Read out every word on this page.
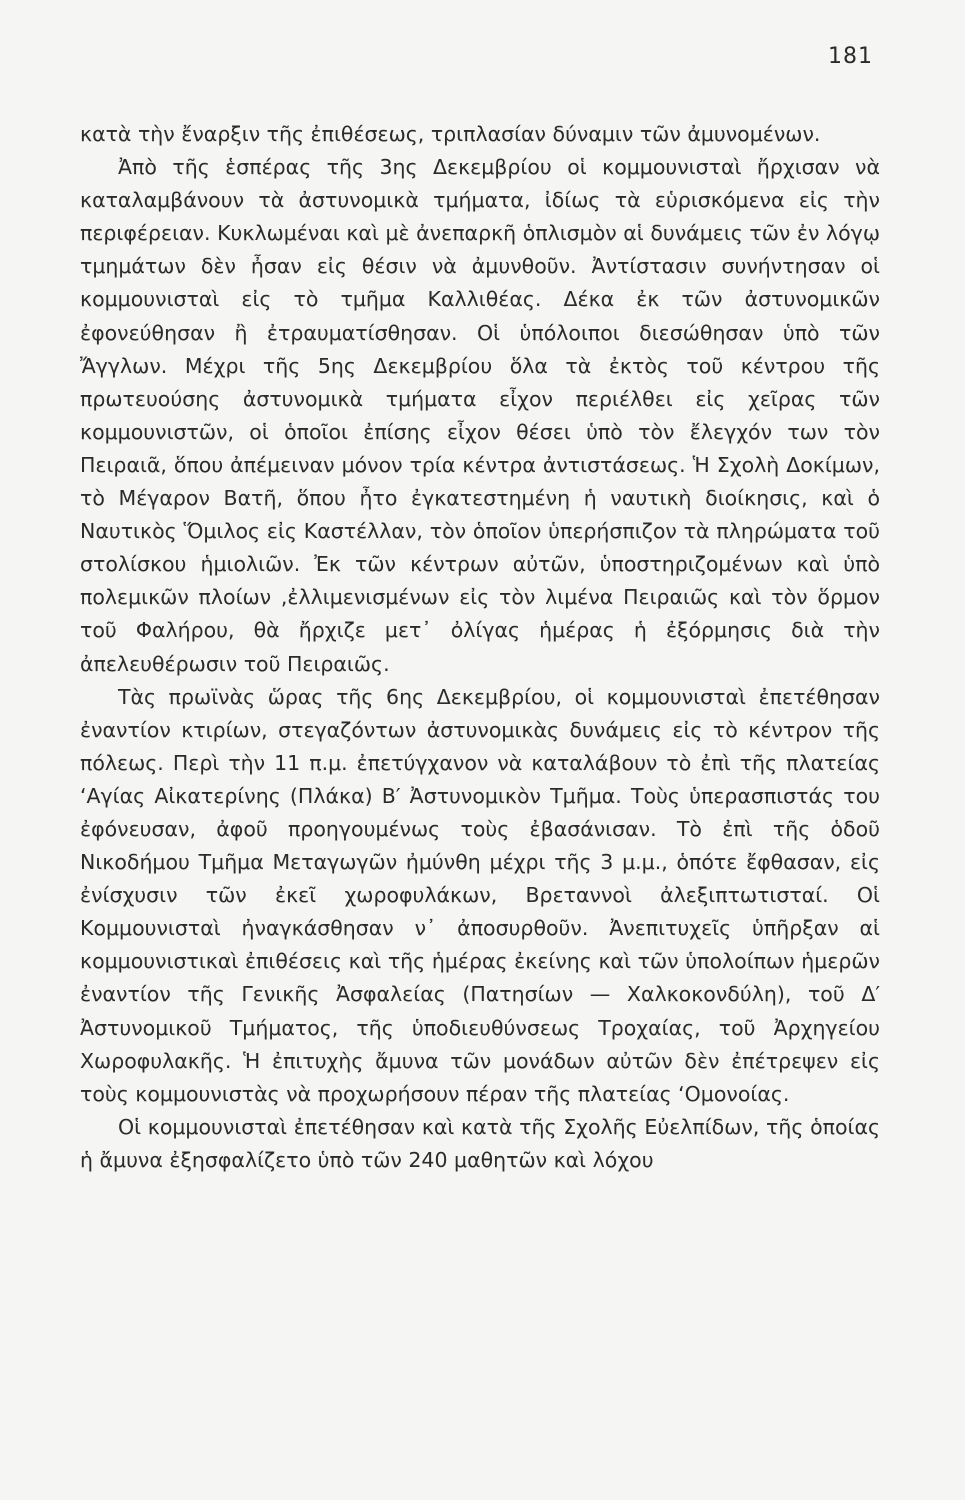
181

κατὰ τὴν ἔναρξιν τῆς ἐπιθέσεως, τριπλασίαν δύναμιν τῶν ἀμυνομένων.

Ἀπὸ τῆς ἑσπέρας τῆς 3ης Δεκεμβρίου οἱ κομμουνισταὶ ἤρχισαν νὰ καταλαμβάνουν τὰ ἀστυνομικὰ τμήματα, ἰδίως τὰ εὑρισκόμενα εἰς τὴν περιφέρειαν. Κυκλωμέναι καὶ μὲ ἀνεπαρκῆ ὁπλισμὸν αἱ δυνάμεις τῶν ἐν λόγῳ τμημάτων δὲν ἦσαν εἰς θέσιν νὰ ἀμυνθοῦν. Ἀντίστασιν συνήντησαν οἱ κομμουνισταὶ εἰς τὸ τμῆμα Καλλιθέας. Δέκα ἐκ τῶν ἀστυνομικῶν ἐφονεύθησαν ἢ ἐτραυματίσθησαν. Οἱ ὑπόλοιποι διεσώθησαν ὑπὸ τῶν Ἄγγλων. Μέχρι τῆς 5ης Δεκεμβρίου ὅλα τὰ ἐκτὸς τοῦ κέντρου τῆς πρωτευούσης ἀστυνομικὰ τμήματα εἶχον περιέλθει εἰς χεῖρας τῶν κομμουνιστῶν, οἱ ὁποῖοι ἐπίσης εἶχον θέσει ὑπὸ τὸν ἔλεγχόν των τὸν Πειραιᾶ, ὅπου ἀπέμειναν μόνον τρία κέντρα ἀντιστάσεως. Ἡ Σχολὴ Δοκίμων, τὸ Μέγαρον Βατῆ, ὅπου ἦτο ἐγκατεστημένη ἡ ναυτικὴ διοίκησις, καὶ ὁ Ναυτικὸς Ὅμιλος εἰς Καστέλλαν, τὸν ὁποῖον ὑπερήσπιζον τὰ πληρώματα τοῦ στολίσκου ἡμιολιῶν. Ἐκ τῶν κέντρων αὐτῶν, ὑποστηριζομένων καὶ ὑπὸ πολεμικῶν πλοίων ,ἐλλιμενισμένων εἰς τὸν λιμένα Πειραιῶς καὶ τὸν ὅρμον τοῦ Φαλήρου, θὰ ἤρχιζε μετ᾽ ὀλίγας ἡμέρας ἡ ἐξόρμησις διὰ τὴν ἀπελευθέρωσιν τοῦ Πειραιῶς.

Τὰς πρωϊνὰς ὥρας τῆς 6ης Δεκεμβρίου, οἱ κομμουνισταὶ ἐπετέθησαν ἐναντίον κτιρίων, στεγαζόντων ἀστυνομικὰς δυνάμεις εἰς τὸ κέντρον τῆς πόλεως. Περὶ τὴν 11 π.μ. ἐπετύγχανον νὰ καταλάβουν τὸ ἐπὶ τῆς πλατείας ‘Αγίας Αἰκατερίνης (Πλάκα) Β′ Ἀστυνομικὸν Τμῆμα. Τοὺς ὑπερασπιστάς του ἐφόνευσαν, ἀφοῦ προηγουμένως τοὺς ἐβασάνισαν. Τὸ ἐπὶ τῆς ὁδοῦ Νικοδήμου Τμῆμα Μεταγωγῶν ἠμύνθη μέχρι τῆς 3 μ.μ., ὁπότε ἔφθασαν, εἰς ἐνίσχυσιν τῶν ἐκεῖ χωροφυλάκων, Βρεταννοὶ ἀλεξιπτωτισταί. Οἱ Κομμουνισταὶ ἠναγκάσθησαν ν᾽ ἀποσυρθοῦν. Ἀνεπιτυχεῖς ὑπῆρξαν αἱ κομμουνιστικαὶ ἐπιθέσεις καὶ τῆς ἡμέρας ἐκείνης καὶ τῶν ὑπολοίπων ἡμερῶν ἐναντίον τῆς Γενικῆς Ἀσφαλείας (Πατησίων — Χαλκοκονδύλη), τοῦ Δ′ Ἀστυνομικοῦ Τμήματος, τῆς ὑποδιευθύνσεως Τροχαίας, τοῦ Ἀρχηγείου Χωροφυλακῆς. Ἡ ἐπιτυχὴς ἄμυνα τῶν μονάδων αὐτῶν δὲν ἐπέτρεψεν εἰς τοὺς κομμουνιστὰς νὰ προχωρήσουν πέραν τῆς πλατείας ‘Ομονοίας.

Οἱ κομμουνισταὶ ἐπετέθησαν καὶ κατὰ τῆς Σχολῆς Εὐελπίδων, τῆς ὁποίας ἡ ἄμυνα ἐξησφαλίζετο ὑπὸ τῶν 240 μαθητῶν καὶ λόχου
